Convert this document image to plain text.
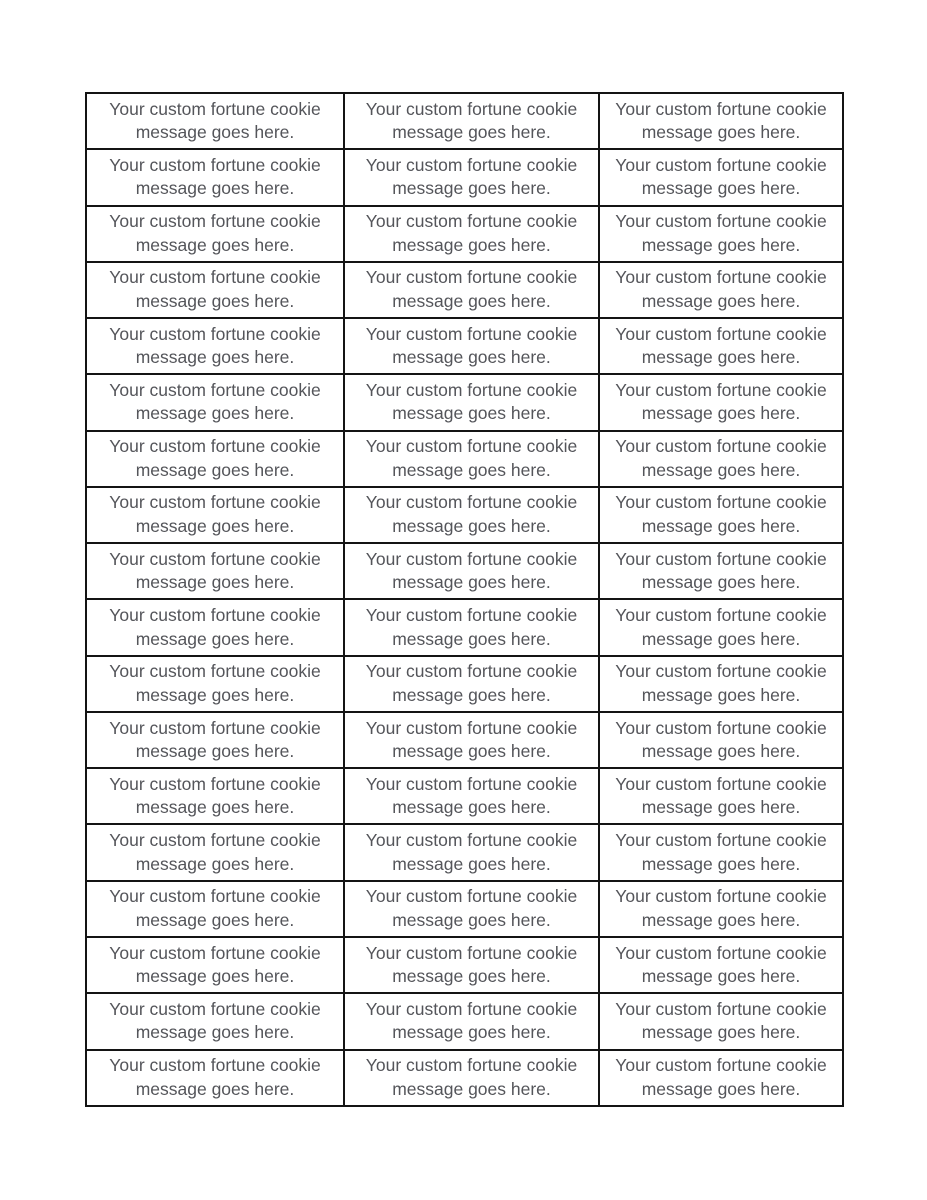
Your custom fortune cookie
message goes here.	Your custom fortune cookie
message goes here.	Your custom fortune cookie
message goes here.

Your custom fortune cookie
message goes here.	Your custom fortune cookie
message goes here.	Your custom fortune cookie
message goes here.

Your custom fortune cookie
message goes here.	Your custom fortune cookie
message goes here.	Your custom fortune cookie
message goes here.

Your custom fortune cookie
message goes here.	Your custom fortune cookie
message goes here.	Your custom fortune cookie
message goes here.

Your custom fortune cookie
message goes here.	Your custom fortune cookie
message goes here.	Your custom fortune cookie
message goes here.

Your custom fortune cookie
message goes here.	Your custom fortune cookie
message goes here.	Your custom fortune cookie
message goes here.

Your custom fortune cookie
message goes here.	Your custom fortune cookie
message goes here.	Your custom fortune cookie
message goes here.

Your custom fortune cookie
message goes here.	Your custom fortune cookie
message goes here.	Your custom fortune cookie
message goes here.

Your custom fortune cookie
message goes here.	Your custom fortune cookie
message goes here.	Your custom fortune cookie
message goes here.

Your custom fortune cookie
message goes here.	Your custom fortune cookie
message goes here.	Your custom fortune cookie
message goes here.

Your custom fortune cookie
message goes here.	Your custom fortune cookie
message goes here.	Your custom fortune cookie
message goes here.

Your custom fortune cookie
message goes here.	Your custom fortune cookie
message goes here.	Your custom fortune cookie
message goes here.

Your custom fortune cookie
message goes here.	Your custom fortune cookie
message goes here.	Your custom fortune cookie
message goes here.

Your custom fortune cookie
message goes here.	Your custom fortune cookie
message goes here.	Your custom fortune cookie
message goes here.

Your custom fortune cookie
message goes here.	Your custom fortune cookie
message goes here.	Your custom fortune cookie
message goes here.

Your custom fortune cookie
message goes here.	Your custom fortune cookie
message goes here.	Your custom fortune cookie
message goes here.

Your custom fortune cookie
message goes here.	Your custom fortune cookie
message goes here.	Your custom fortune cookie
message goes here.

Your custom fortune cookie
message goes here.	Your custom fortune cookie
message goes here.	Your custom fortune cookie
message goes here.
